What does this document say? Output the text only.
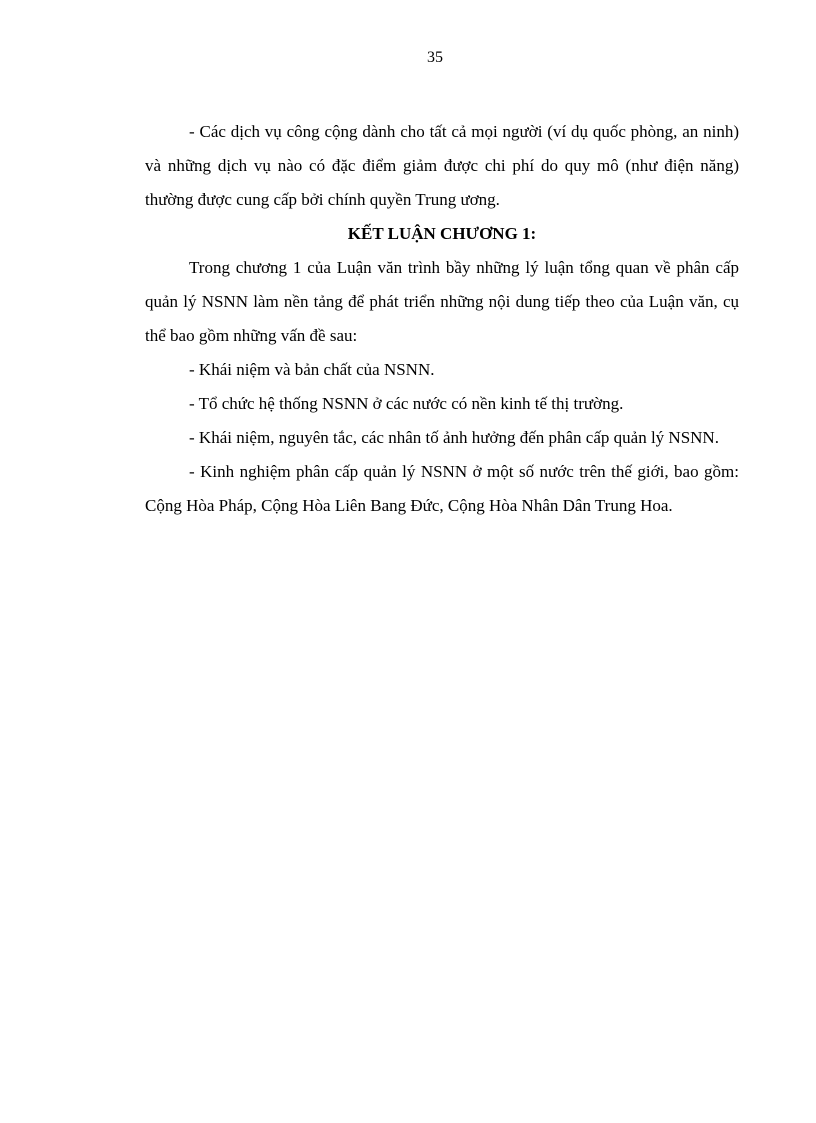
35

- Các dịch vụ công cộng dành cho tất cả mọi người (ví dụ quốc phòng, an ninh) và những dịch vụ nào có đặc điểm giảm được chi phí do quy mô (như điện năng) thường được cung cấp bởi chính quyền Trung ương.

KẾT LUẬN CHƯƠNG 1:

Trong chương 1 của Luận văn trình bầy những lý luận tổng quan về phân cấp quản lý NSNN làm nền tảng để phát triển những nội dung tiếp theo của Luận văn, cụ thể bao gồm những vấn đề sau:

- Khái niệm và bản chất của NSNN.

- Tổ chức hệ thống NSNN ở các nước có nền kinh tế thị trường.

- Khái niệm, nguyên tắc, các nhân tố ảnh hưởng đến phân cấp quản lý NSNN.

- Kinh nghiệm phân cấp quản lý NSNN ở một số nước trên thế giới, bao gồm: Cộng Hòa Pháp, Cộng Hòa Liên Bang Đức, Cộng Hòa Nhân Dân Trung Hoa.
